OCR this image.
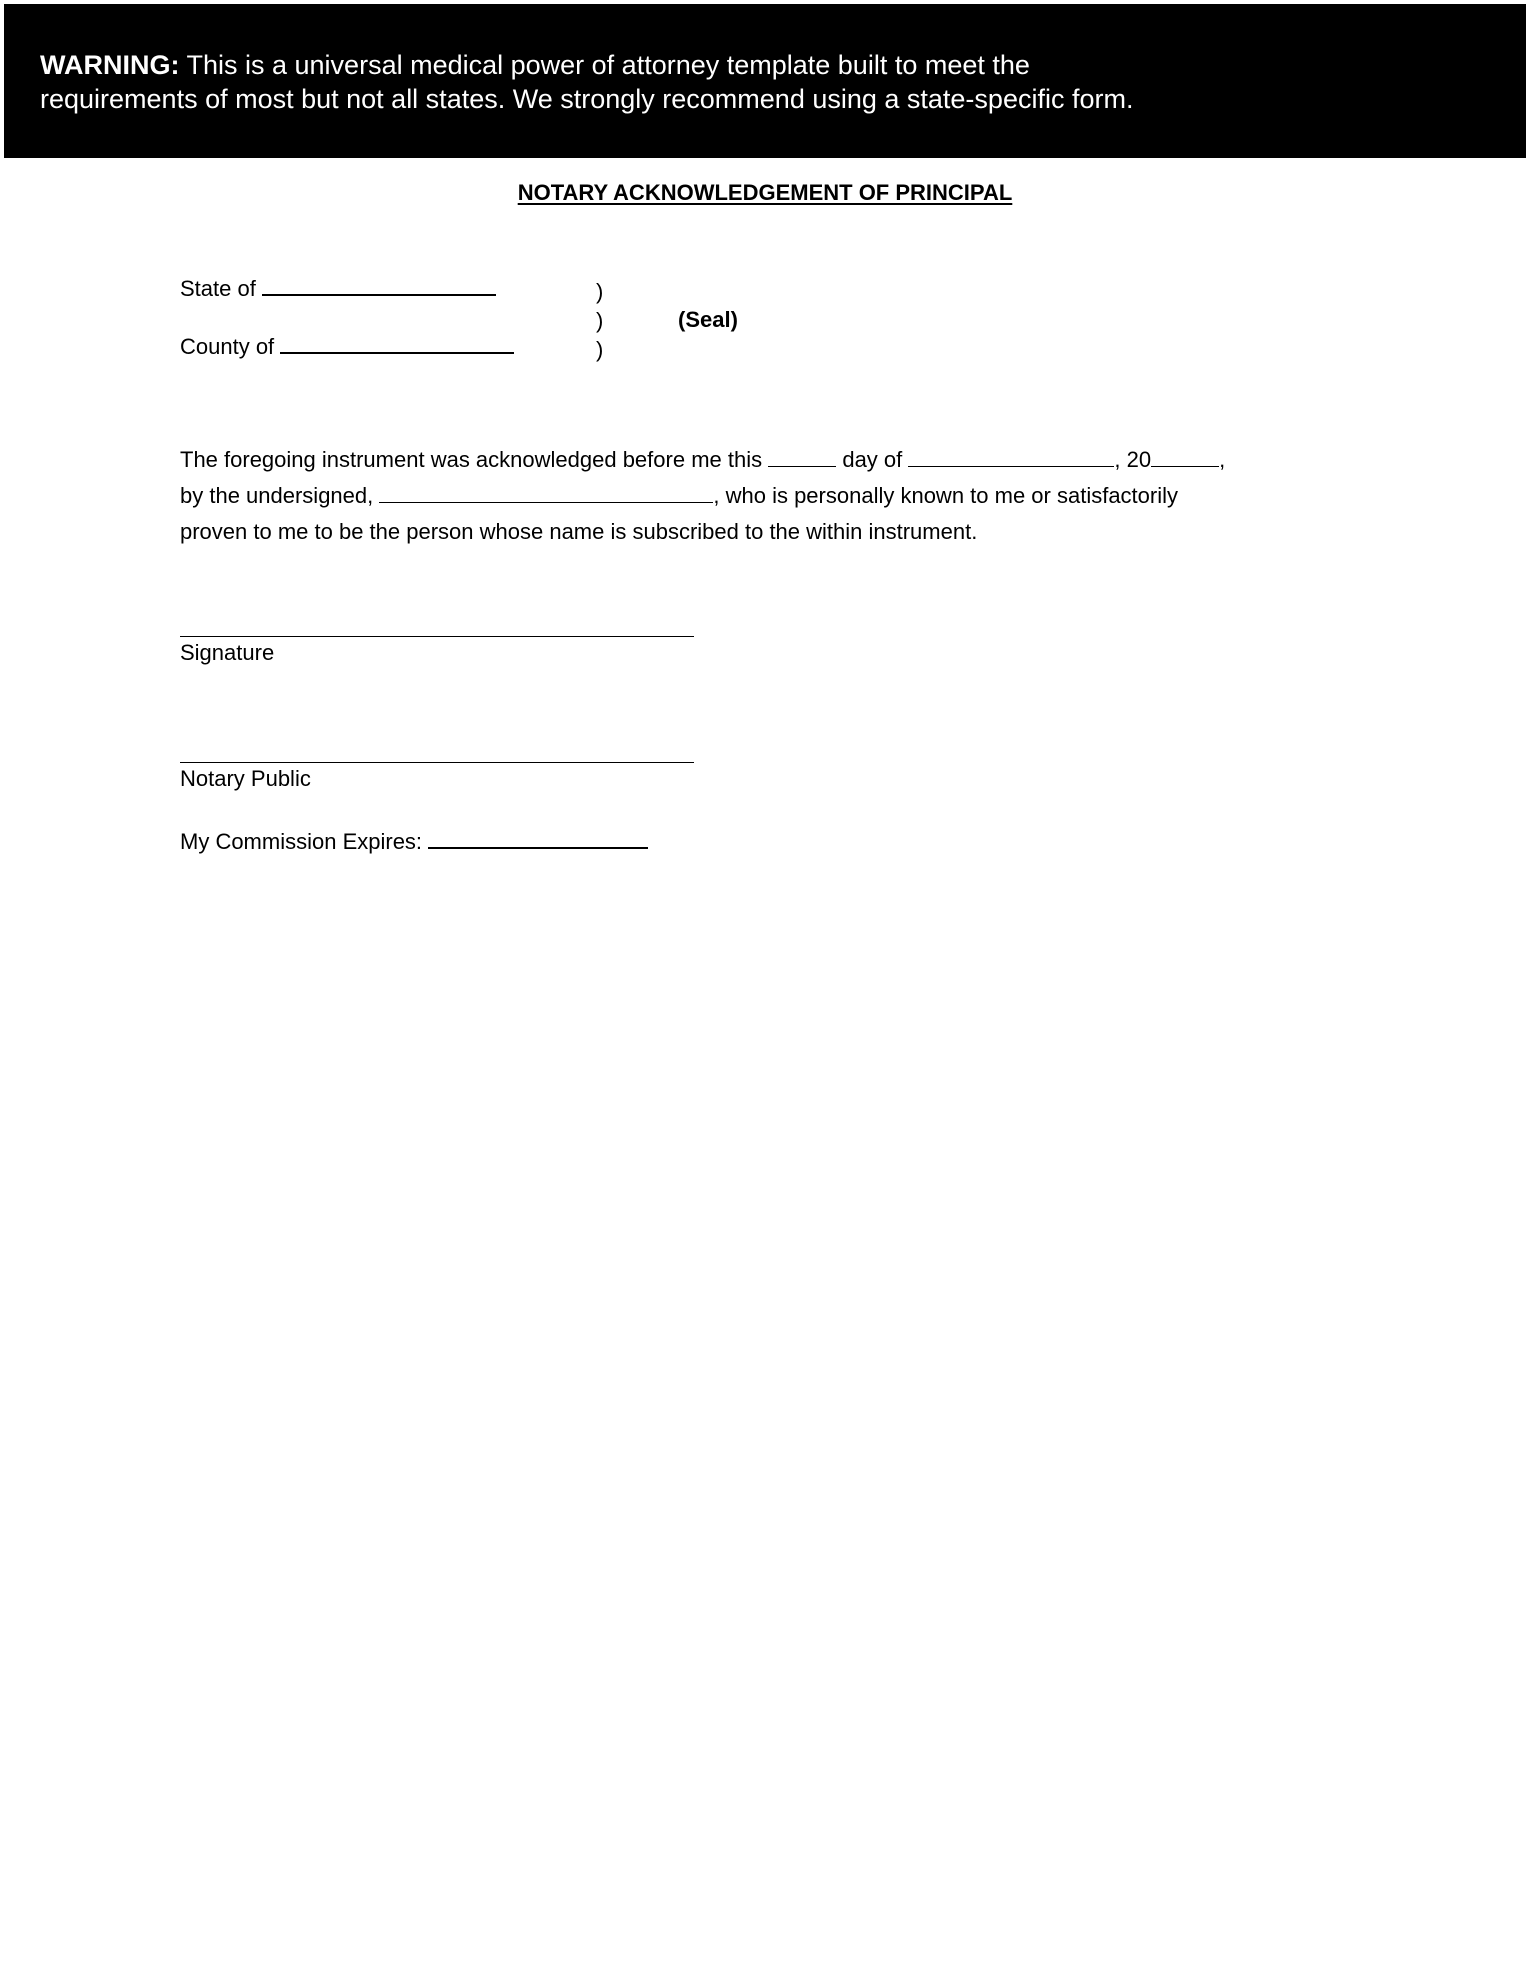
WARNING: This is a universal medical power of attorney template built to meet the
requirements of most but not all states. We strongly recommend using a state-specific form.
NOTARY ACKNOWLEDGEMENT OF PRINCIPAL
State of
County of
)
)
)
(Seal)
The foregoing instrument was acknowledged before me this	day of	, 20	,
by the undersigned,	, who is personally known to me or satisfactorily
proven to me to be the person whose name is subscribed to the within instrument.
Signature
Notary Public
My Commission Expires:
